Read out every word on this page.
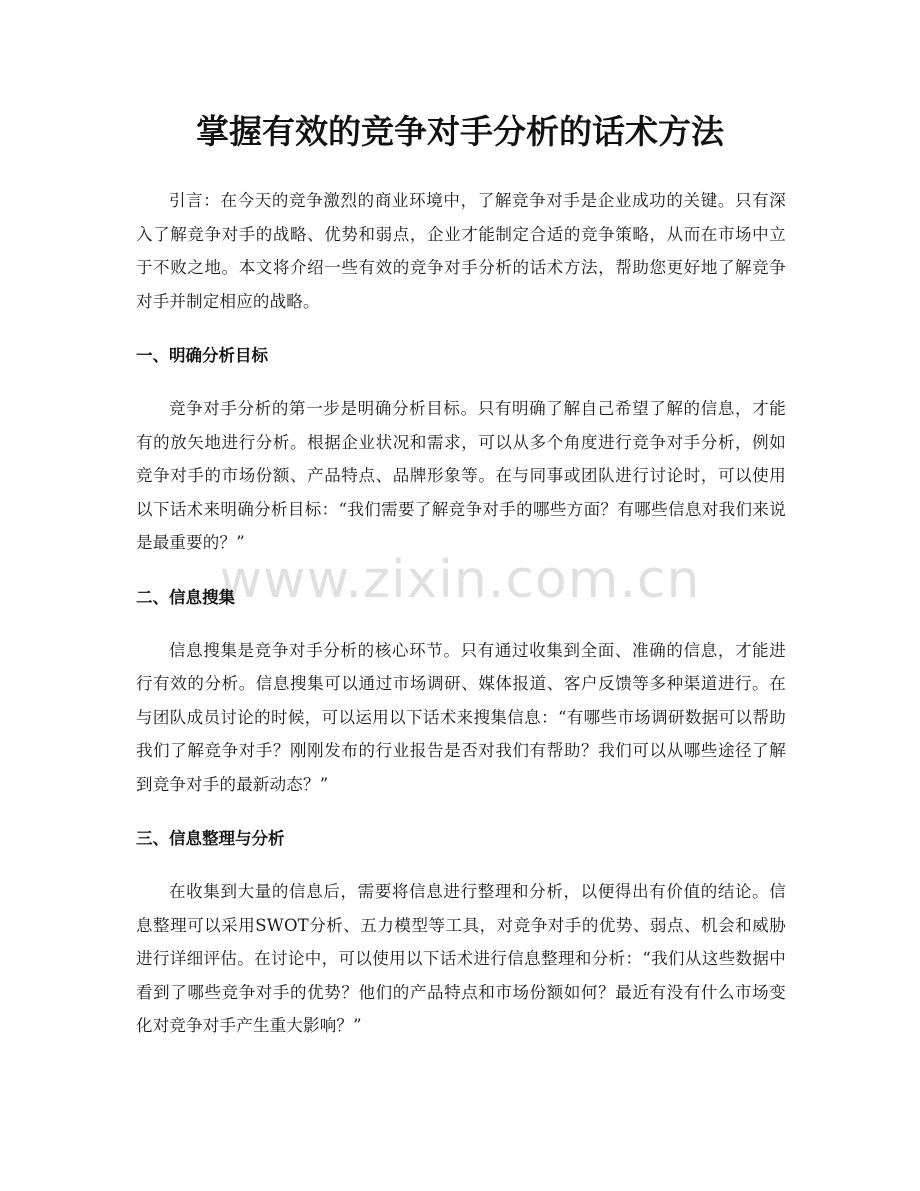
掌握有效的竞争对手分析的话术方法

引言：在今天的竞争激烈的商业环境中，了解竞争对手是企业成功的关键。只有深入了解竞争对手的战略、优势和弱点，企业才能制定合适的竞争策略，从而在市场中立于不败之地。本文将介绍一些有效的竞争对手分析的话术方法，帮助您更好地了解竞争对手并制定相应的战略。

一、明确分析目标

竞争对手分析的第一步是明确分析目标。只有明确了解自己希望了解的信息，才能有的放矢地进行分析。根据企业状况和需求，可以从多个角度进行竞争对手分析，例如竞争对手的市场份额、产品特点、品牌形象等。在与同事或团队进行讨论时，可以使用以下话术来明确分析目标：“我们需要了解竞争对手的哪些方面？有哪些信息对我们来说是最重要的？”

二、信息搜集

信息搜集是竞争对手分析的核心环节。只有通过收集到全面、准确的信息，才能进行有效的分析。信息搜集可以通过市场调研、媒体报道、客户反馈等多种渠道进行。在与团队成员讨论的时候，可以运用以下话术来搜集信息：“有哪些市场调研数据可以帮助我们了解竞争对手？刚刚发布的行业报告是否对我们有帮助？我们可以从哪些途径了解到竞争对手的最新动态？”

三、信息整理与分析

在收集到大量的信息后，需要将信息进行整理和分析，以便得出有价值的结论。信息整理可以采用SWOT分析、五力模型等工具，对竞争对手的优势、弱点、机会和威胁进行详细评估。在讨论中，可以使用以下话术进行信息整理和分析：“我们从这些数据中看到了哪些竞争对手的优势？他们的产品特点和市场份额如何？最近有没有什么市场变化对竞争对手产生重大影响？”

www.zixin.com.cn
